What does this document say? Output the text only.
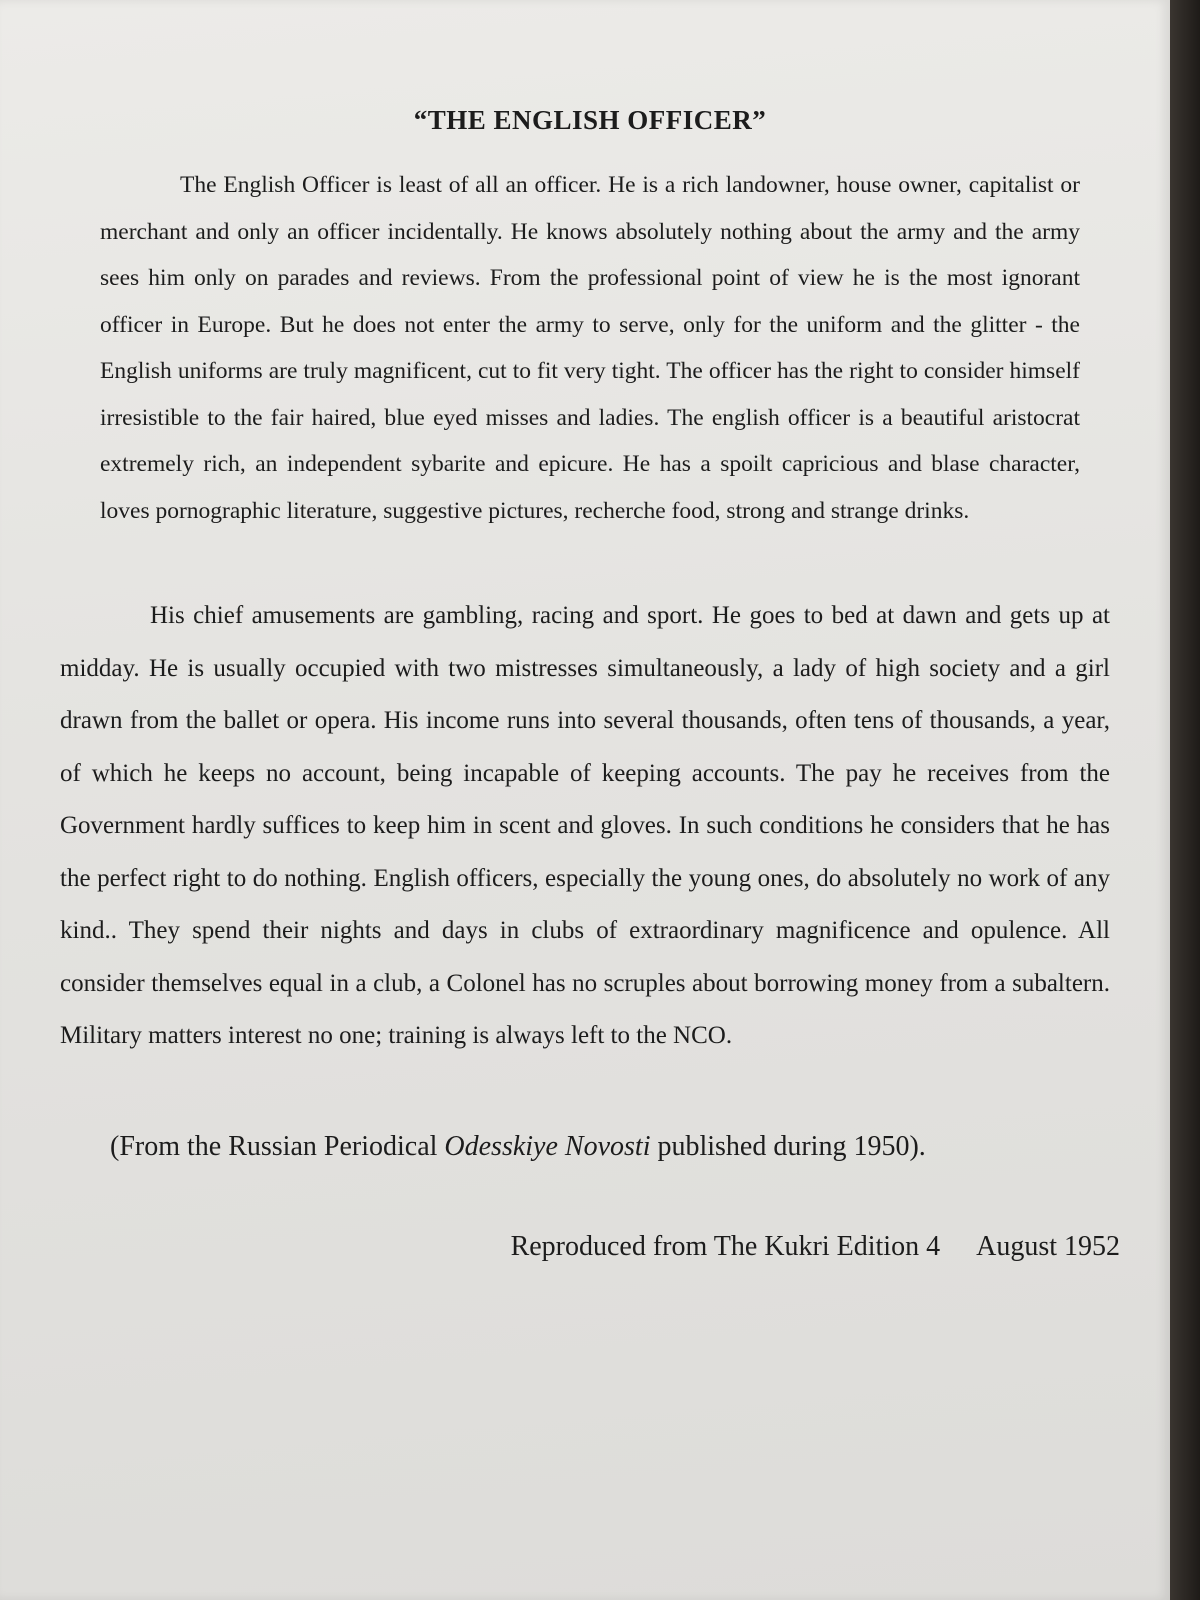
“THE ENGLISH OFFICER”

The English Officer is least of all an officer. He is a rich landowner, house owner, capitalist or merchant and only an officer incidentally. He knows absolutely nothing about the army and the army sees him only on parades and reviews. From the professional point of view he is the most ignorant officer in Europe. But he does not enter the army to serve, only for the uniform and the glitter - the English uniforms are truly magnificent, cut to fit very tight. The officer has the right to consider himself irresistible to the fair haired, blue eyed misses and ladies. The english officer is a beautiful aristocrat extremely rich, an independent sybarite and epicure. He has a spoilt capricious and blase character, loves pornographic literature, suggestive pictures, recherche food, strong and strange drinks.

His chief amusements are gambling, racing and sport. He goes to bed at dawn and gets up at midday. He is usually occupied with two mistresses simultaneously, a lady of high society and a girl drawn from the ballet or opera. His income runs into several thousands, often tens of thousands, a year, of which he keeps no account, being incapable of keeping accounts. The pay he receives from the Government hardly suffices to keep him in scent and gloves. In such conditions he considers that he has the perfect right to do nothing. English officers, especially the young ones, do absolutely no work of any kind.. They spend their nights and days in clubs of extraordinary magnificence and opulence. All consider themselves equal in a club, a Colonel has no scruples about borrowing money from a subaltern. Military matters interest no one; training is always left to the NCO.

(From the Russian Periodical Odesskiye Novosti published during 1950).
Reproduced from The Kukri Edition 4 August 1952
